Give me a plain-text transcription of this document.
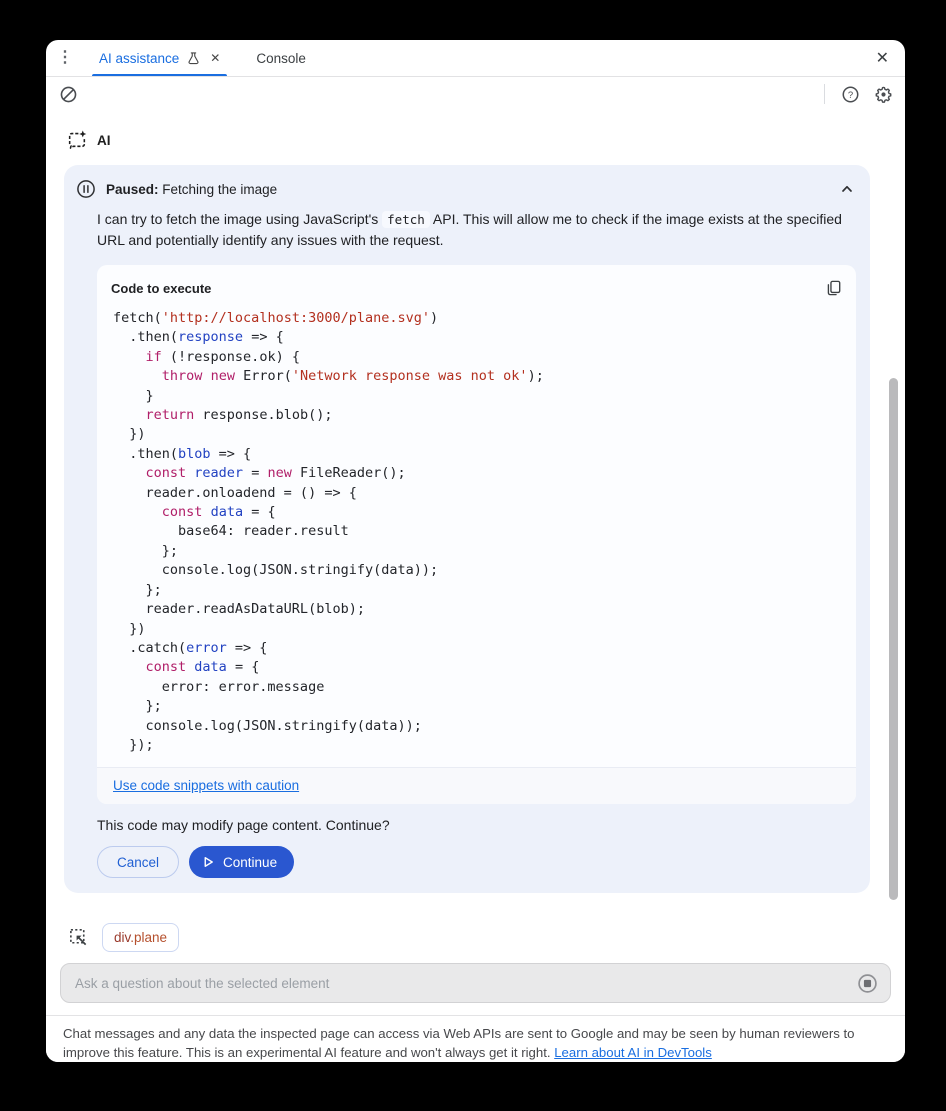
⋮ AI assistance	✕	Console	✕
?
AI
Paused: Fetching the image

I can try to fetch the image using JavaScript's fetch API. This will allow me to check if the image exists at the specified URL and potentially identify any issues with the request.

Code to execute
fetch('http://localhost:3000/plane.svg')
.then(response => {
if (!response.ok) {
throw new Error('Network response was not ok');
}
return response.blob();
})
.then(blob => {
const reader = new FileReader();
reader.onloadend = () => {
const data = {
base64: reader.result
};
console.log(JSON.stringify(data));
};
reader.readAsDataURL(blob);
})
.catch(error => {
const data = {
error: error.message
};
console.log(JSON.stringify(data));
});
Use code snippets with caution
This code may modify page content. Continue?
Cancel	Continue
div.plane
Ask a question about the selected element
Chat messages and any data the inspected page can access via Web APIs are sent to Google and may be seen by human reviewers to improve this feature. This is an experimental AI feature and won't always get it right. Learn about AI in DevTools
